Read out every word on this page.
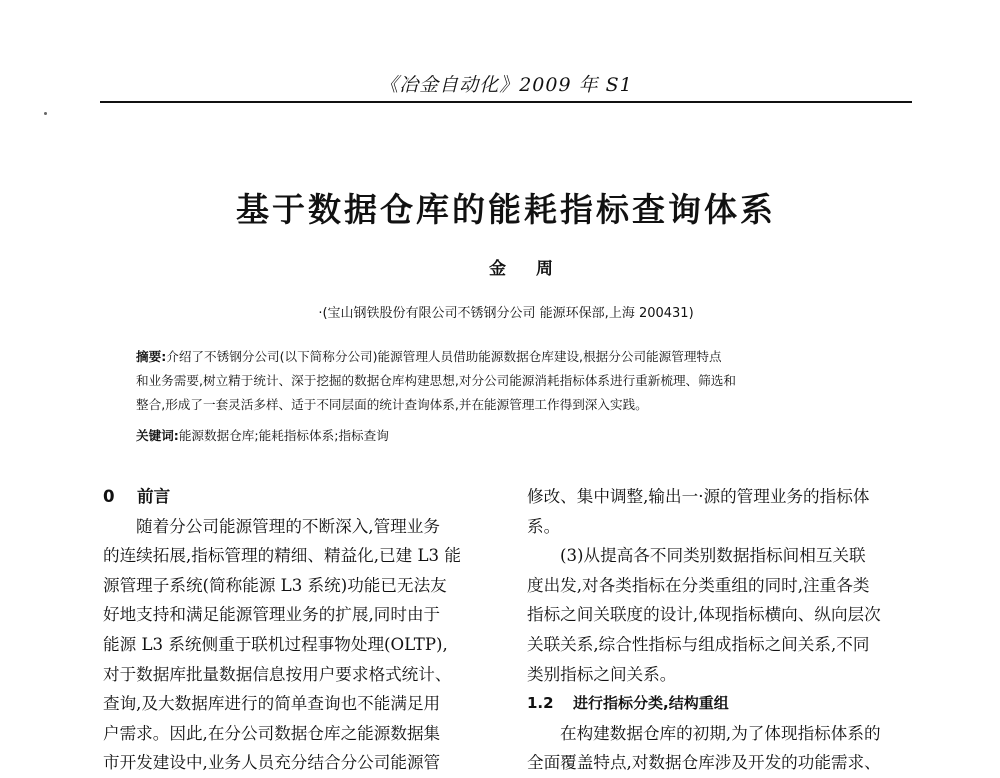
《冶金自动化》2009 年 S1
基于数据仓库的能耗指标查询体系
金周
·(宝山钢铁股份有限公司不锈钢分公司 能源环保部,上海 200431)
摘要:介绍了不锈钢分公司(以下简称分公司)能源管理人员借助能源数据仓库建设,根据分公司能源管理特点
和业务需要,树立精于统计、深于挖掘的数据仓库构建思想,对分公司能源消耗指标体系进行重新梳理、筛选和
整合,形成了一套灵活多样、适于不同层面的统计查询体系,并在能源管理工作得到深入实践。
关键词:能源数据仓库;能耗指标体系;指标查询
0 前言
随着分公司能源管理的不断深入,管理业务
的连续拓展,指标管理的精细、精益化,已建 L3 能
源管理子系统(简称能源 L3 系统)功能已无法友
好地支持和满足能源管理业务的扩展,同时由于
能源 L3 系统侧重于联机过程事物处理(OLTP),
对于数据库批量数据信息按用户要求格式统计、
查询,及大数据库进行的简单查询也不能满足用
户需求。因此,在分公司数据仓库之能源数据集
市开发建设中,业务人员充分结合分公司能源管
修改、集中调整,输出一·源的管理业务的指标体
系。
(3)从提高各不同类别数据指标间相互关联
度出发,对各类指标在分类重组的同时,注重各类
指标之间关联度的设计,体现指标横向、纵向层次
关联关系,综合性指标与组成指标之间关系,不同
类别指标之间关系。
1.2 进行指标分类,结构重组
在构建数据仓库的初期,为了体现指标体系的
全面覆盖特点,对数据仓库涉及开发的功能需求、
